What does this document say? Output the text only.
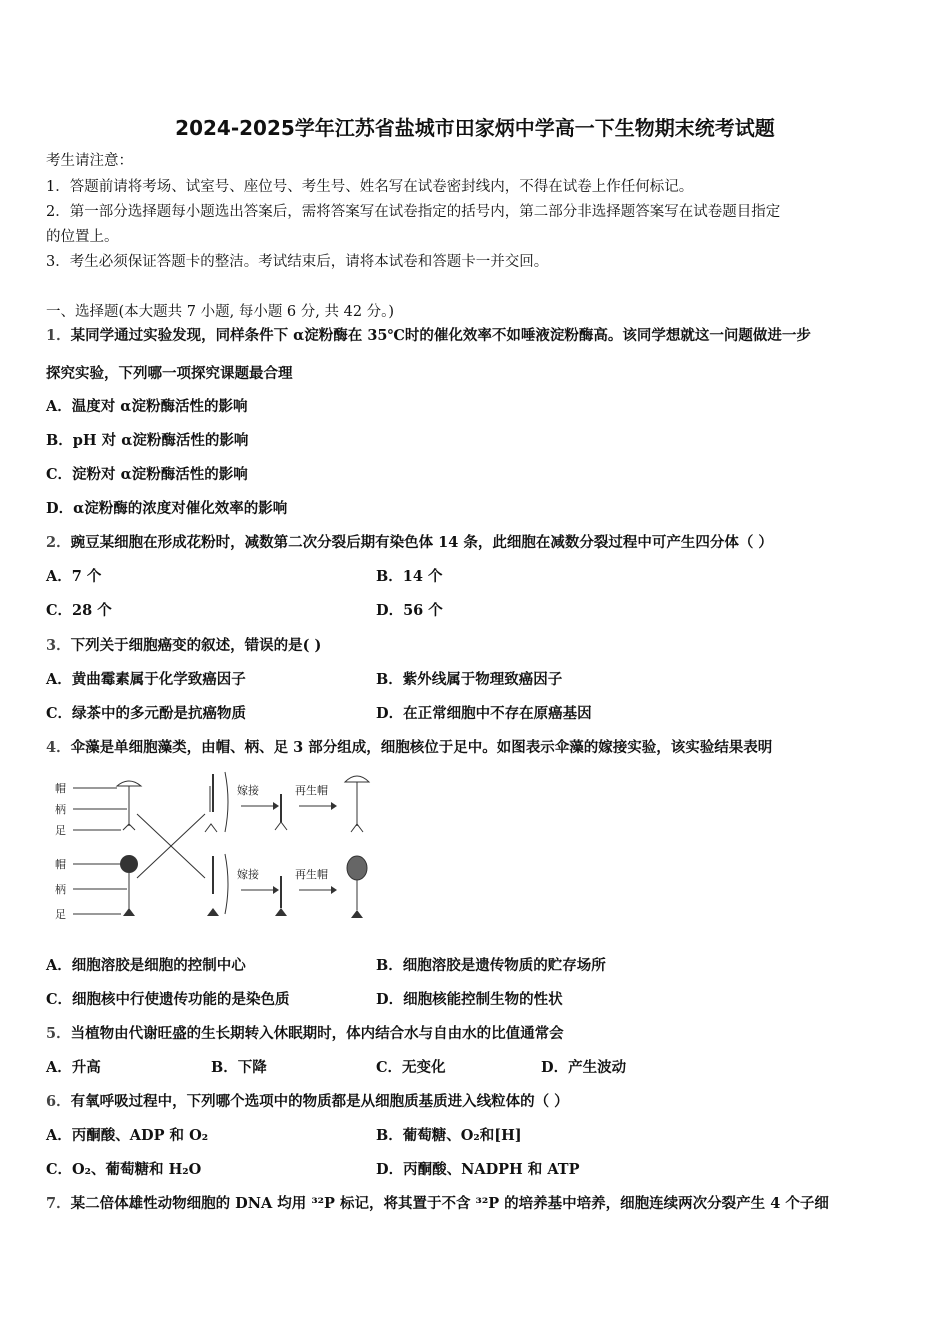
2024-2025学年江苏省盐城市田家炳中学高一下生物期末统考试题
考生请注意：
1．答题前请将考场、试室号、座位号、考生号、姓名写在试卷密封线内，不得在试卷上作任何标记。
2．第一部分选择题每小题选出答案后，需将答案写在试卷指定的括号内，第二部分非选择题答案写在试卷题目指定
的位置上。
3．考生必须保证答题卡的整洁。考试结束后，请将本试卷和答题卡一并交回。
一、选择题(本大题共 7 小题, 每小题 6 分, 共 42 分。)
1．某同学通过实验发现，同样条件下 α淀粉酶在 35℃时的催化效率不如唾液淀粉酶高。该同学想就这一问题做进一步
探究实验，下列哪一项探究课题最合理
A．温度对 α淀粉酶活性的影响
B．pH 对 α淀粉酶活性的影响
C．淀粉对 α淀粉酶活性的影响
D．α淀粉酶的浓度对催化效率的影响
2．豌豆某细胞在形成花粉时，减数第二次分裂后期有染色体 14 条，此细胞在减数分裂过程中可产生四分体（ ）
A．7 个	B．14 个
C．28 个	D．56 个
3．下列关于细胞癌变的叙述，错误的是( )
A．黄曲霉素属于化学致癌因子	B．紫外线属于物理致癌因子
C．绿茶中的多元酚是抗癌物质	D．在正常细胞中不存在原癌基因
4．伞藻是单细胞藻类，由帽、柄、足 3 部分组成，细胞核位于足中。如图表示伞藻的嫁接实验，该实验结果表明
帽
柄
足
嫁接	再生帽
帽
柄
足
嫁接	再生帽
A．细胞溶胶是细胞的控制中心	B．细胞溶胶是遗传物质的贮存场所
C．细胞核中行使遗传功能的是染色质	D．细胞核能控制生物的性状
5．当植物由代谢旺盛的生长期转入休眠期时，体内结合水与自由水的比值通常会
A．升高	B．下降	C．无变化	D．产生波动
6．有氧呼吸过程中，下列哪个选项中的物质都是从细胞质基质进入线粒体的（ ）
A．丙酮酸、ADP 和 O₂	B．葡萄糖、O₂和[H]
C．O₂、葡萄糖和 H₂O	D．丙酮酸、NADPH 和 ATP
7．某二倍体雄性动物细胞的 DNA 均用 ³²P 标记，将其置于不含 ³²P 的培养基中培养，细胞连续两次分裂产生 4 个子细
